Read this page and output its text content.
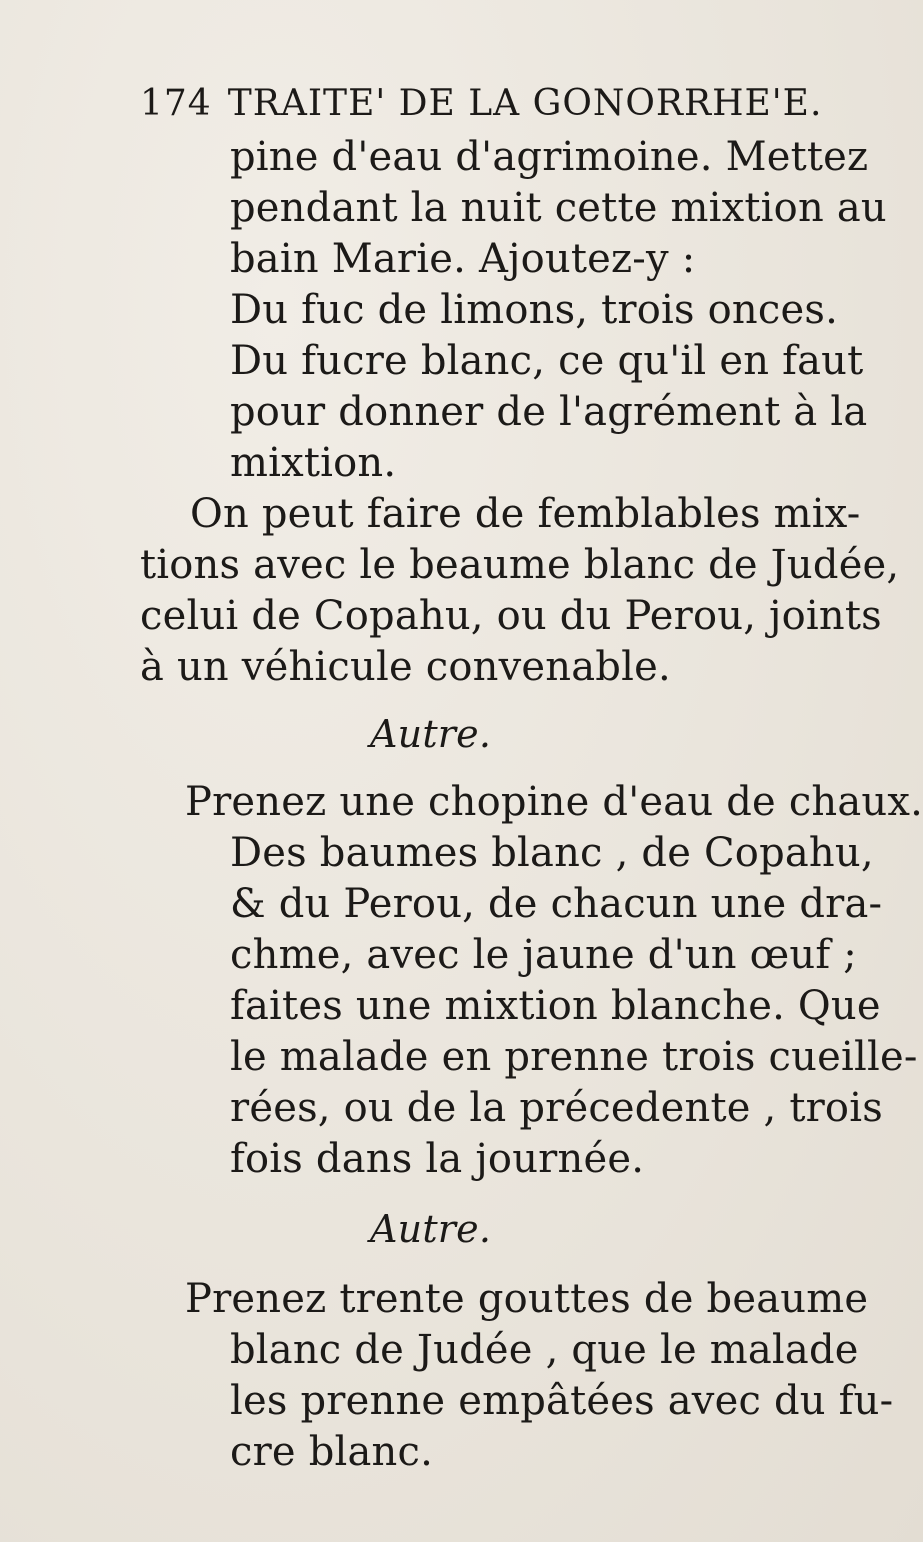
174 TRAITE' DE LA GONORRHE'E.
pine d'eau d'agrimoine. Mettez
pendant la nuit cette mixtion au
bain Marie. Ajoutez-y :
Du fuc de limons, trois onces.
Du fucre blanc, ce qu'il en faut
pour donner de l'agrément à la
mixtion.
On peut faire de femblables mix-
tions avec le beaume blanc de Judée,
celui de Copahu, ou du Perou, joints
à un véhicule convenable.
Autre.
Prenez une chopine d'eau de chaux.
Des baumes blanc , de Copahu,
& du Perou, de chacun une dra-
chme, avec le jaune d'un œuf ;
faites une mixtion blanche. Que
le malade en prenne trois cueille-
rées, ou de la précedente , trois
fois dans la journée.
Autre.
Prenez trente gouttes de beaume
blanc de Judée , que le malade
les prenne empâtées avec du fu-
cre blanc.
